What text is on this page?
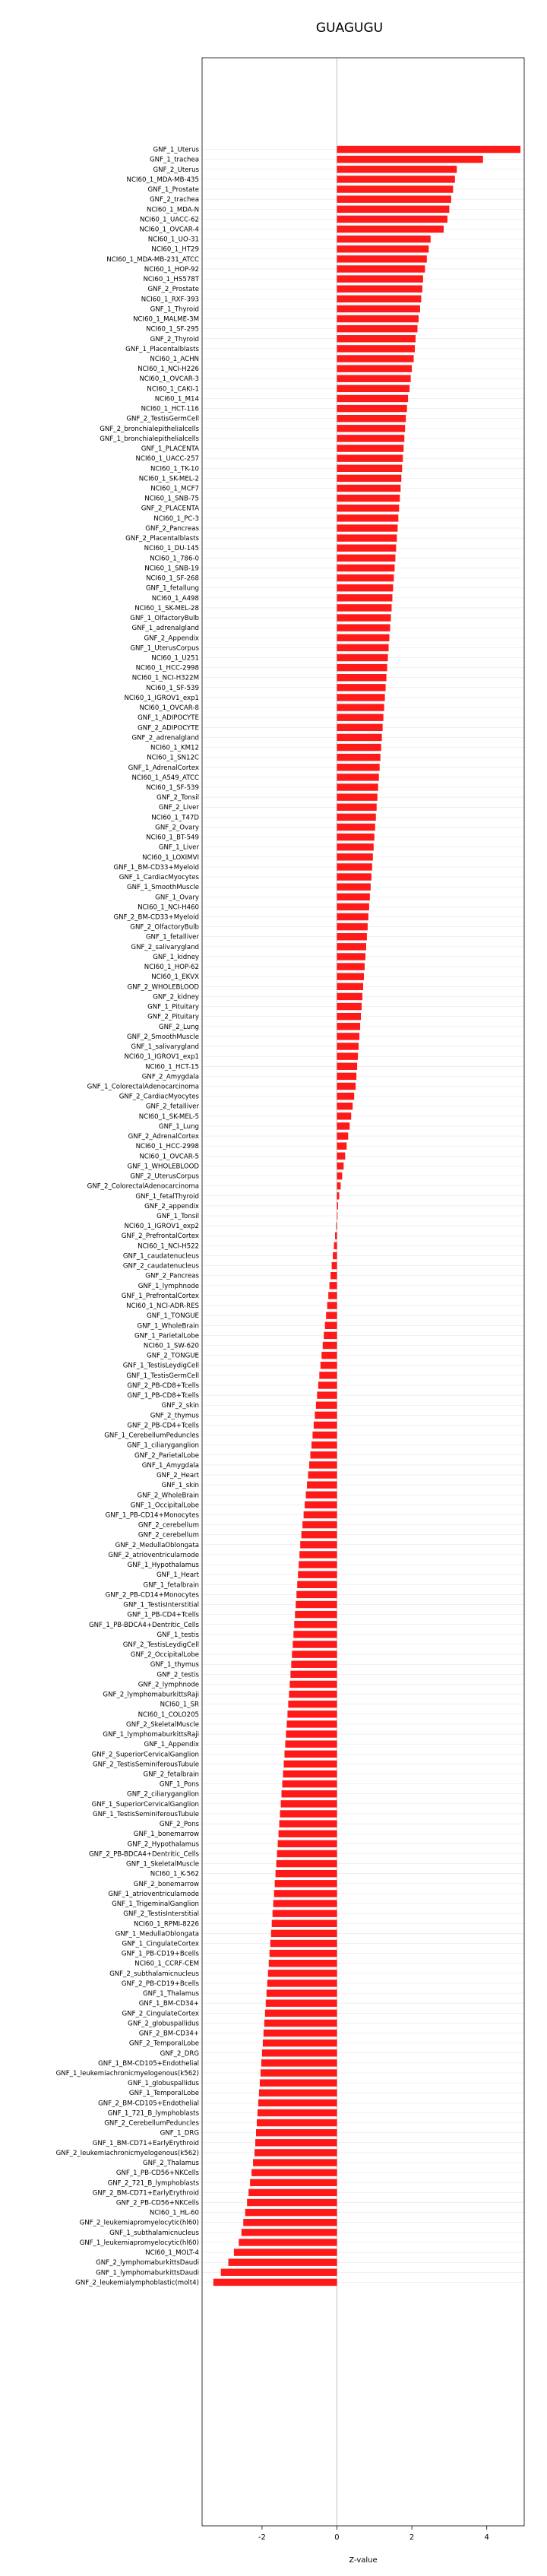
GUAGUGU
GNF_1_Uterus
GNF_1_trachea
GNF_2_Uterus
NCI60_1_MDA-MB-435
GNF_1_Prostate
GNF_2_trachea
NCI60_1_MDA-N
NCI60_1_UACC-62
NCI60_1_OVCAR-4
NCI60_1_UO-31
NCI60_1_HT29
NCI60_1_MDA-MB-231_ATCC
NCI60_1_HOP-92
NCI60_1_HS578T
GNF_2_Prostate
NCI60_1_RXF-393
GNF_1_Thyroid
NCI60_1_MALME-3M
NCI60_1_SF-295
GNF_2_Thyroid
GNF_1_Placentalblasts
NCI60_1_ACHN
NCI60_1_NCI-H226
NCI60_1_OVCAR-3
NCI60_1_CAKI-1
NCI60_1_M14
NCI60_1_HCT-116
GNF_2_TestisGermCell
GNF_2_bronchialepithelialcells
GNF_1_bronchialepithelialcells
GNF_1_PLACENTA
NCI60_1_UACC-257
NCI60_1_TK-10
NCI60_1_SK-MEL-2
NCI60_1_MCF7
NCI60_1_SNB-75
GNF_2_PLACENTA
NCI60_1_PC-3
GNF_2_Pancreas
GNF_2_Placentalblasts
NCI60_1_DU-145
NCI60_1_786-0
NCI60_1_SNB-19
NCI60_1_SF-268
GNF_1_fetallung
NCI60_1_A498
NCI60_1_SK-MEL-28
GNF_1_OlfactoryBulb
GNF_1_adrenalgland
GNF_2_Appendix
GNF_1_UterusCorpus
NCI60_1_U251
NCI60_1_HCC-2998
NCI60_1_NCI-H322M
NCI60_1_SF-539
NCI60_1_IGROV1_exp1
NCI60_1_OVCAR-8
GNF_1_ADIPOCYTE
GNF_2_ADIPOCYTE
GNF_2_adrenalgland
NCI60_1_KM12
NCI60_1_SN12C
GNF_1_AdrenalCortex
NCI60_1_A549_ATCC
NCI60_1_SF-539
GNF_2_Tonsil
GNF_2_Liver
NCI60_1_T47D
GNF_2_Ovary
NCI60_1_BT-549
GNF_1_Liver
NCI60_1_LOXIMVI
GNF_1_BM-CD33+Myeloid
GNF_1_CardiacMyocytes
GNF_1_SmoothMuscle
GNF_1_Ovary
NCI60_1_NCI-H460
GNF_2_BM-CD33+Myeloid
GNF_2_OlfactoryBulb
GNF_1_fetalliver
GNF_2_salivarygland
GNF_1_kidney
NCI60_1_HOP-62
NCI60_1_EKVX
GNF_2_WHOLEBLOOD
GNF_2_kidney
GNF_1_Pituitary
GNF_2_Pituitary
GNF_2_Lung
GNF_2_SmoothMuscle
GNF_1_salivarygland
NCI60_1_IGROV1_exp1
NCI60_1_HCT-15
GNF_2_Amygdala
GNF_1_ColorectalAdenocarcinoma
GNF_2_CardiacMyocytes
GNF_2_fetalliver
NCI60_1_SK-MEL-5
GNF_1_Lung
GNF_2_AdrenalCortex
NCI60_1_HCC-2998
NCI60_1_OVCAR-5
GNF_1_WHOLEBLOOD
GNF_2_UterusCorpus
GNF_2_ColorectalAdenocarcinoma
GNF_1_fetalThyroid
GNF_2_appendix
GNF_1_Tonsil
NCI60_1_IGROV1_exp2
GNF_2_PrefrontalCortex
NCI60_1_NCI-H522
GNF_1_caudatenucleus
GNF_2_caudatenucleus
GNF_2_Pancreas
GNF_1_lymphnode
GNF_1_PrefrontalCortex
NCI60_1_NCI-ADR-RES
GNF_1_TONGUE
GNF_1_WholeBrain
GNF_1_ParietalLobe
NCI60_1_SW-620
GNF_2_TONGUE
GNF_1_TestisLeydigCell
GNF_1_TestisGermCell
GNF_2_PB-CD8+Tcells
GNF_1_PB-CD8+Tcells
GNF_2_skin
GNF_2_thymus
GNF_2_PB-CD4+Tcells
GNF_1_CerebellumPeduncles
GNF_1_ciliaryganglion
GNF_2_ParietalLobe
GNF_1_Amygdala
GNF_2_Heart
GNF_1_skin
GNF_2_WholeBrain
GNF_1_OccipitalLobe
GNF_1_PB-CD14+Monocytes
GNF_2_cerebellum
GNF_2_cerebellum
GNF_2_MedullaOblongata
GNF_2_atrioventricularnode
GNF_1_Hypothalamus
GNF_1_Heart
GNF_1_fetalbrain
GNF_2_PB-CD14+Monocytes
GNF_1_TestisInterstitial
GNF_1_PB-CD4+Tcells
GNF_1_PB-BDCA4+Dentritic_Cells
GNF_1_testis
GNF_2_TestisLeydigCell
GNF_2_OccipitalLobe
GNF_1_thymus
GNF_2_testis
GNF_2_lymphnode
GNF_2_lymphomaburkittsRaji
NCI60_1_SR
NCI60_1_COLO205
GNF_2_SkeletalMuscle
GNF_1_lymphomaburkittsRaji
GNF_1_Appendix
GNF_2_SuperiorCervicalGanglion
GNF_2_TestisSeminiferousTubule
GNF_2_fetalbrain
GNF_1_Pons
GNF_2_ciliaryganglion
GNF_1_SuperiorCervicalGanglion
GNF_1_TestisSeminiferousTubule
GNF_2_Pons
GNF_1_bonemarrow
GNF_2_Hypothalamus
GNF_2_PB-BDCA4+Dentritic_Cells
GNF_1_SkeletalMuscle
NCI60_1_K-562
GNF_2_bonemarrow
GNF_1_atrioventricularnode
GNF_1_TrigeminalGanglion
GNF_2_TestisInterstitial
NCI60_1_RPMI-8226
GNF_1_MedullaOblongata
GNF_1_CingulateCortex
GNF_1_PB-CD19+Bcells
NCI60_1_CCRF-CEM
GNF_2_subthalamicnucleus
GNF_2_PB-CD19+Bcells
GNF_1_Thalamus
GNF_1_BM-CD34+
GNF_2_CingulateCortex
GNF_2_globuspallidus
GNF_2_BM-CD34+
GNF_2_TemporalLobe
GNF_2_DRG
GNF_1_BM-CD105+Endothelial
GNF_1_leukemiachronicmyelogenous(k562)
GNF_1_globuspallidus
GNF_1_TemporalLobe
GNF_2_BM-CD105+Endothelial
GNF_1_721_B_lymphoblasts
GNF_2_CerebellumPeduncles
GNF_1_DRG
GNF_1_BM-CD71+EarlyErythroid
GNF_2_leukemiachronicmyelogenous(k562)
GNF_2_Thalamus
GNF_1_PB-CD56+NKCells
GNF_2_721_B_lymphoblasts
GNF_2_BM-CD71+EarlyErythroid
GNF_2_PB-CD56+NKCells
NCI60_1_HL-60
GNF_2_leukemiapromyelocytic(hl60)
GNF_1_subthalamicnucleus
GNF_1_leukemiapromyelocytic(hl60)
NCI60_1_MOLT-4
GNF_2_lymphomaburkittsDaudi
GNF_1_lymphomaburkittsDaudi
GNF_2_leukemialymphoblastic(molt4)
-2	0	2	4
Z-value
